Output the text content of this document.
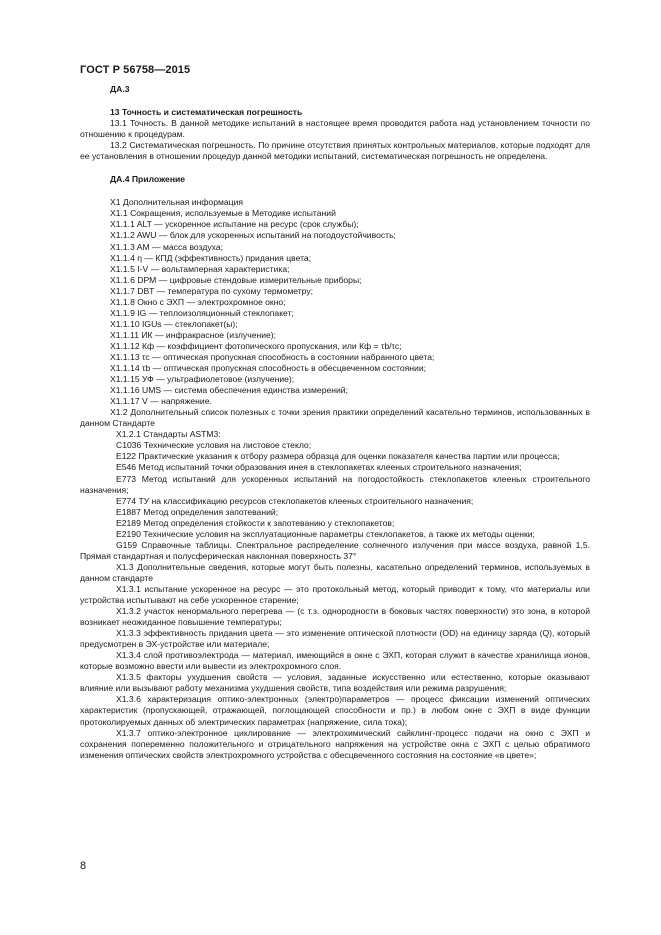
ГОСТ Р 56758—2015

ДА.3

13 Точность и систематическая погрешность

13.1 Точность. В данной методике испытаний в настоящее время проводится работа над установлением точности по отношению к процедурам.

13.2 Систематическая погрешность. По причине отсутствия принятых контрольных материалов, которые подходят для ее установления в отношении процедур данной методики испытаний, систематическая погрешность не определена.

ДА.4 Приложение

X1 Дополнительная информация

X1.1 Сокращения, используемые в Методике испытаний

X1.1.1 ALT — ускоренное испытание на ресурс (срок службы);

X1.1.2 AWU — блок для ускоренных испытаний на погодоустойчивость;

X1.1.3 AM — масса воздуха;

X1.1.4 η — КПД (эффективность) придания цвета;

X1.1.5 I-V — вольтамперная характеристика;

X1.1.6 DPM — цифровые стендовые измерительные приборы;

X1.1.7 DBT — температура по сухому термометру;

X1.1.8 Окно с ЭХП — электрохромное окно;

X1.1.9 IG — теплоизоляционный стеклопакет;

X1.1.10 IGUs — стеклопакет(ы);

X1.1.11 ИК — инфракрасное (излучение);

X1.1.12 Кф — коэффициент фотопического пропускания, или Кф = τb/τc;

X1.1.13 τc — оптическая пропускная способность в состоянии набранного цвета;

X1.1.14 τb — оптическая пропускная способность в обесцвеченном состоянии;

X1.1.15 УФ — ультрафиолетовое (излучение);

X1.1.16 UMS — система обеспечения единства измерений;

X1.1.17 V — напряжение.

X1.2 Дополнительный список полезных с точки зрения практики определений касательно терминов, использованных в данном Стандарте

X1.2.1 Стандарты ASTM3:

C1036 Технические условия на листовое стекло;

E122 Практические указания к отбору размера образца для оценки показателя качества партии или процесса;

E546 Метод испытаний точки образования инея в стеклопакетах клееных строительного назначения;

E773 Метод испытаний для ускоренных испытаний на погодостойкость стеклопакетов клееных строительного назначения;

E774 ТУ на классификацию ресурсов стеклопакетов клееных строительного назначения;

E1887 Метод определения запотеваний;

E2189 Метод определения стойкости к запотеванию у стеклопакетов;

E2190 Технические условия на эксплуатационные параметры стеклопакетов, а также их методы оценки;

G159 Справочные таблицы. Спектральное распределение солнечного излучения при массе воздуха, равной 1,5. Прямая стандартная и полусферическая наклонная поверхность 37°

X1.3 Дополнительные сведения, которые могут быть полезны, касательно определений терминов, используемых в данном стандарте

X1.3.1 испытание ускоренное на ресурс — это протокольный метод, который приводит к тому, что материалы или устройства испытывают на себе ускоренное старение;

X1.3.2 участок ненормального перегрева — (с т.з. однородности в боковых частях поверхности) это зона, в которой возникает неожиданное повышение температуры;

X1.3.3 эффективность придания цвета — это изменение оптической плотности (OD) на единицу заряда (Q), который предусмотрен в ЭХ-устройстве или материале;

X1.3.4 слой противоэлектрода — материал, имеющийся в окне с ЭХП, которая служит в качестве хранилища ионов, которые возможно ввести или вывести из электрохромного слоя.

X1.3.5 факторы ухудшения свойств — условия, заданные искусственно или естественно, которые оказывают влияние или вызывают работу механизма ухудшения свойств, типа воздействия или режима разрушения;

X1.3.6 характеризация оптико-электронных (электро)параметров — процесс фиксации изменений оптических характеристик (пропускающей, отражающей, поглощающей способности и пр.) в любом окне с ЭХП в виде функции протоколируемых данных об электрических параметрах (напряжение, сила тока);

X1.3.7 оптико-электронное циклирование — электрохимический сайклинг-процесс подачи на окно с ЭХП и сохранения попеременно положительного и отрицательного напряжения на устройстве окна с ЭХП с целью обратимого изменения оптических свойств электрохромного устройства с обесцвеченного состояния на состояние «в цвете»;

8
